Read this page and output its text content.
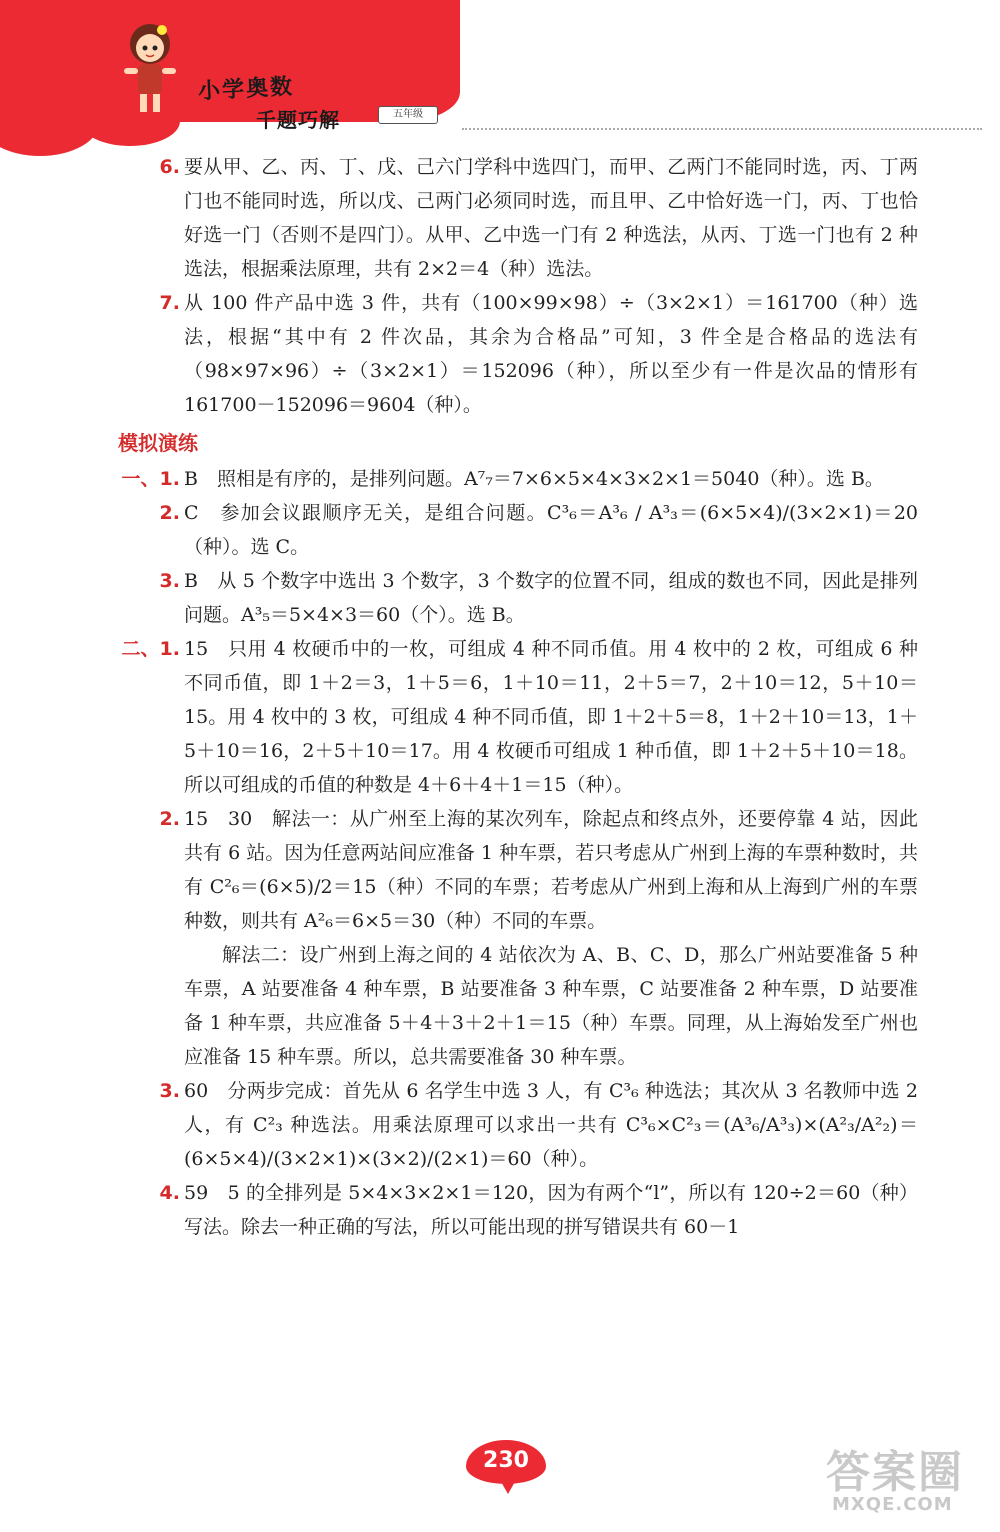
小学奥数
千题巧解	五年级
6. 要从甲、乙、丙、丁、戊、己六门学科中选四门，而甲、乙两门不能同时选，丙、丁两门也不能同时选，所以戊、己两门必须同时选，而且甲、乙中恰好选一门，丙、丁也恰好选一门（否则不是四门）。从甲、乙中选一门有 2 种选法，从丙、丁选一门也有 2 种选法，根据乘法原理，共有 2×2＝4（种）选法。

7. 从 100 件产品中选 3 件，共有（100×99×98）÷（3×2×1）＝161700（种）选法，根据“其中有 2 件次品，其余为合格品”可知，3 件全是合格品的选法有（98×97×96）÷（3×2×1）＝152096（种），所以至少有一件是次品的情形有 161700－152096＝9604（种）。

模拟演练
一、1. B　照相是有序的，是排列问题。A⁷₇＝7×6×5×4×3×2×1＝5040（种）。选 B。

2. C　参加会议跟顺序无关，是组合问题。C³₆＝A³₆ / A³₃＝(6×5×4)/(3×2×1)＝20（种）。选 C。

3. B　从 5 个数字中选出 3 个数字，3 个数字的位置不同，组成的数也不同，因此是排列问题。A³₅＝5×4×3＝60（个）。选 B。

二、1. 15　只用 4 枚硬币中的一枚，可组成 4 种不同币值。用 4 枚中的 2 枚，可组成 6 种不同币值，即 1＋2＝3，1＋5＝6，1＋10＝11，2＋5＝7，2＋10＝12，5＋10＝15。用 4 枚中的 3 枚，可组成 4 种不同币值，即 1＋2＋5＝8，1＋2＋10＝13，1＋5＋10＝16，2＋5＋10＝17。用 4 枚硬币可组成 1 种币值，即 1＋2＋5＋10＝18。所以可组成的币值的种数是 4＋6＋4＋1＝15（种）。

2. 15　30　解法一：从广州至上海的某次列车，除起点和终点外，还要停靠 4 站，因此共有 6 站。因为任意两站间应准备 1 种车票，若只考虑从广州到上海的车票种数时，共有 C²₆＝(6×5)/2＝15（种）不同的车票；若考虑从广州到上海和从上海到广州的车票种数，则共有 A²₆＝6×5＝30（种）不同的车票。

解法二：设广州到上海之间的 4 站依次为 A、B、C、D，那么广州站要准备 5 种车票，A 站要准备 4 种车票，B 站要准备 3 种车票，C 站要准备 2 种车票，D 站要准备 1 种车票，共应准备 5＋4＋3＋2＋1＝15（种）车票。同理，从上海始发至广州也应准备 15 种车票。所以，总共需要准备 30 种车票。

3. 60　分两步完成：首先从 6 名学生中选 3 人，有 C³₆ 种选法；其次从 3 名教师中选 2 人，有 C²₃ 种选法。用乘法原理可以求出一共有 C³₆×C²₃＝(A³₆/A³₃)×(A²₃/A²₂)＝(6×5×4)/(3×2×1)×(3×2)/(2×1)＝60（种）。

4. 59　5 的全排列是 5×4×3×2×1＝120，因为有两个“l”，所以有 120÷2＝60（种）写法。除去一种正确的写法，所以可能出现的拼写错误共有 60－1

230	答案圈
MXQE.COM
